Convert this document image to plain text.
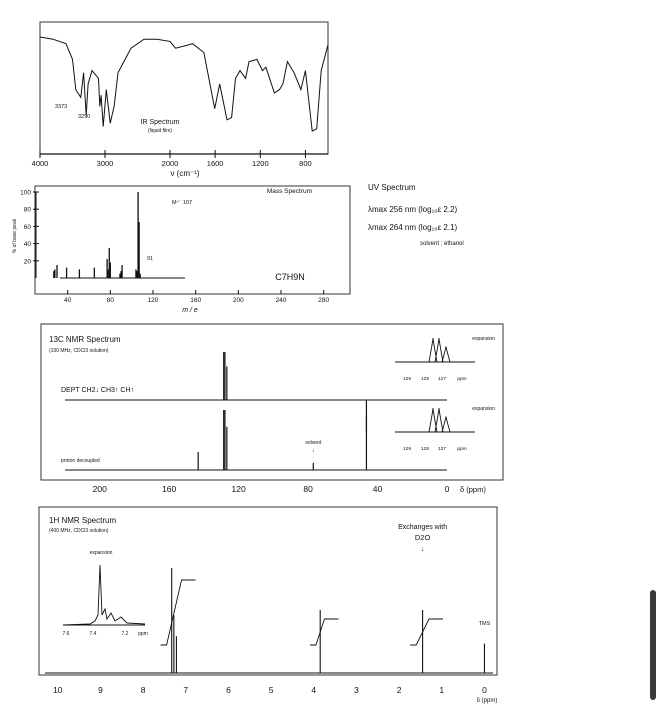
4000	3000	2000	1600	1200	800
ν (cm⁻¹)
IR Spectrum
(liquid film)
3373
3290
100
80
60
40
20
% of base peak
40	80	120	160	200	240	280
m / e
Mass Spectrum
M⁺˙ 107
91
C7H9N
UV Spectrum
λmax 256 nm (log₁₀ε 2.2)
λmax 264 nm (log₁₀ε 2.1)
solvent : ethanol
13C NMR Spectrum
(100 MHz, CDCl3 solution)
DEPT CH2↓ CH3↑ CH↑
proton decoupled
solvent
↓
expansion
129 128 127 ppm
expansion
129 128 127 ppm
200	160	120	80	40	0 δ (ppm)
1H NMR Spectrum
(400 MHz, CDCl3 solution)	Exchanges with
D2O
↓
TMS
expansion
7.6	7.4	7.2 ppm
10	9	8	7	6	5	4	3	2	1	0
δ (ppm)
